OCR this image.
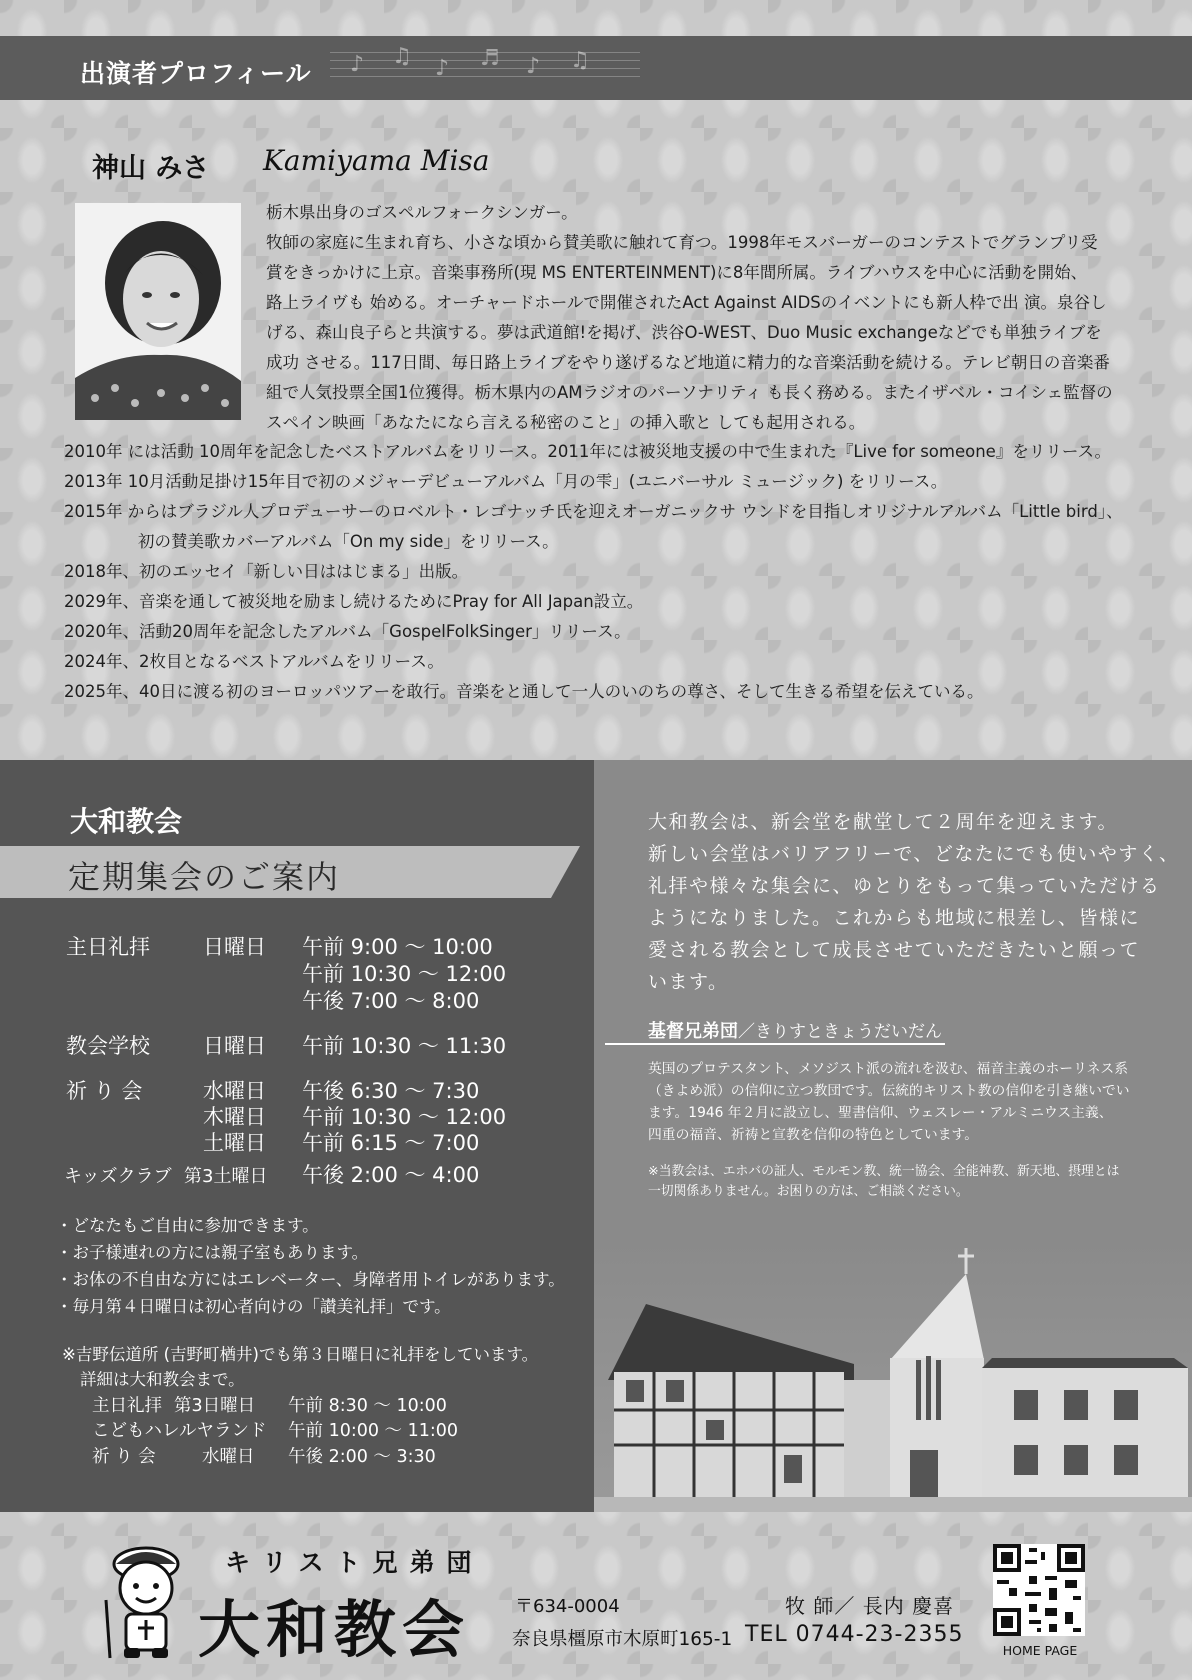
出演者プロフィール ♪ ♫ ♪ ♬ ♪ ♫
神山 みさ Kamiyama Misa

栃木県出身のゴスペルフォークシンガー。

牧師の家庭に生まれ育ち、小さな頃から賛美歌に触れて育つ。1998年モスバーガーのコンテストでグランプリ受

賞をきっかけに上京。音楽事務所(現 MS ENTERTEINMENT)に8年間所属。ライブハウスを中心に活動を開始、

路上ライヴも 始める。オーチャードホールで開催されたAct Against AIDSのイベントにも新人枠で出 演。泉谷し

げる、森山良子らと共演する。夢は武道館!を掲げ、渋谷O-WEST、Duo Music exchangeなどでも単独ライブを

成功 させる。117日間、毎日路上ライブをやり遂げるなど地道に精力的な音楽活動を続ける。テレビ朝日の音楽番

組で人気投票全国1位獲得。栃木県内のAMラジオのパーソナリティ も長く務める。またイザベル・コイシェ監督の

スペイン映画「あなたになら言える秘密のこと」の挿入歌と しても起用される。

2010年 には活動 10周年を記念したベストアルバムをリリース。2011年には被災地支援の中で生まれた『Live for someone』をリリース。

2013年 10月活動足掛け15年目で初のメジャーデビューアルバム「月の雫」(ユニバーサル ミュージック) をリリース。

2015年 からはブラジル人プロデューサーのロベルト・レゴナッチ氏を迎えオーガニックサ ウンドを目指しオリジナルアルバム「Little bird」、

初の賛美歌カバーアルバム「On my side」をリリース。

2018年、初のエッセイ「新しい日ははじまる」出版。

2029年、音楽を通して被災地を励まし続けるためにPray for All Japan設立。

2020年、活動20周年を記念したアルバム「GospelFolkSinger」リリース。

2024年、2枚目となるベストアルバムをリリース。

2025年、40日に渡る初のヨーロッパツアーを敢行。音楽をと通して一人のいのちの尊さ、そして生きる希望を伝えている。

大和教会
定期集会のご案内
主日礼拝	日曜日 午前 9:00 ～ 10:00
午前 10:30 ～ 12:00
午後 7:00 ～ 8:00
教会学校	日曜日 午前 10:30 ～ 11:30
祈 り 会	水曜日 午後 6:30 ～ 7:30
木曜日 午前 10:30 ～ 12:00
土曜日 午前 6:15 ～ 7:00
キッズクラブ 第3土曜日 午後 2:00 ～ 4:00
・どなたもご自由に参加できます。
・お子様連れの方には親子室もあります。
・お体の不自由な方にはエレベーター、身障者用トイレがあります。
・毎月第４日曜日は初心者向けの「讃美礼拝」です。
※吉野伝道所 (吉野町楢井)でも第３日曜日に礼拝をしています。
詳細は大和教会まで。
主日礼拝 第3日曜日 午前 8:30 ～ 10:00
こどもハレルヤランド 午前 10:00 ～ 11:00
祈 り 会	水曜日 午後 2:00 ～ 3:30

大和教会は、新会堂を献堂して２周年を迎えます。

新しい会堂はバリアフリーで、どなたにでも使いやすく、

礼拝や様々な集会に、ゆとりをもって集っていただける

ようになりました。これからも地域に根差し、皆様に

愛される教会として成長させていただきたいと願って

います。

基督兄弟団／きりすときょうだいだん

英国のプロテスタント、メソジスト派の流れを汲む、福音主義のホーリネス系

（きよめ派）の信仰に立つ教団です。伝統的キリスト教の信仰を引き継いでい

ます。1946 年２月に設立し、聖書信仰、ウェスレー・アルミニウス主義、

四重の福音、祈祷と宣教を信仰の特色としています。

※当教会は、エホバの証人、モルモン教、統一協会、全能神教、新天地、摂理とは

一切関係ありません。お困りの方は、ご相談ください。

キリスト兄弟団
大和教会 〒634-0004
奈良県橿原市木原町165-1
牧 師／ 長内 慶喜
TEL 0744-23-2355
HOME PAGE
